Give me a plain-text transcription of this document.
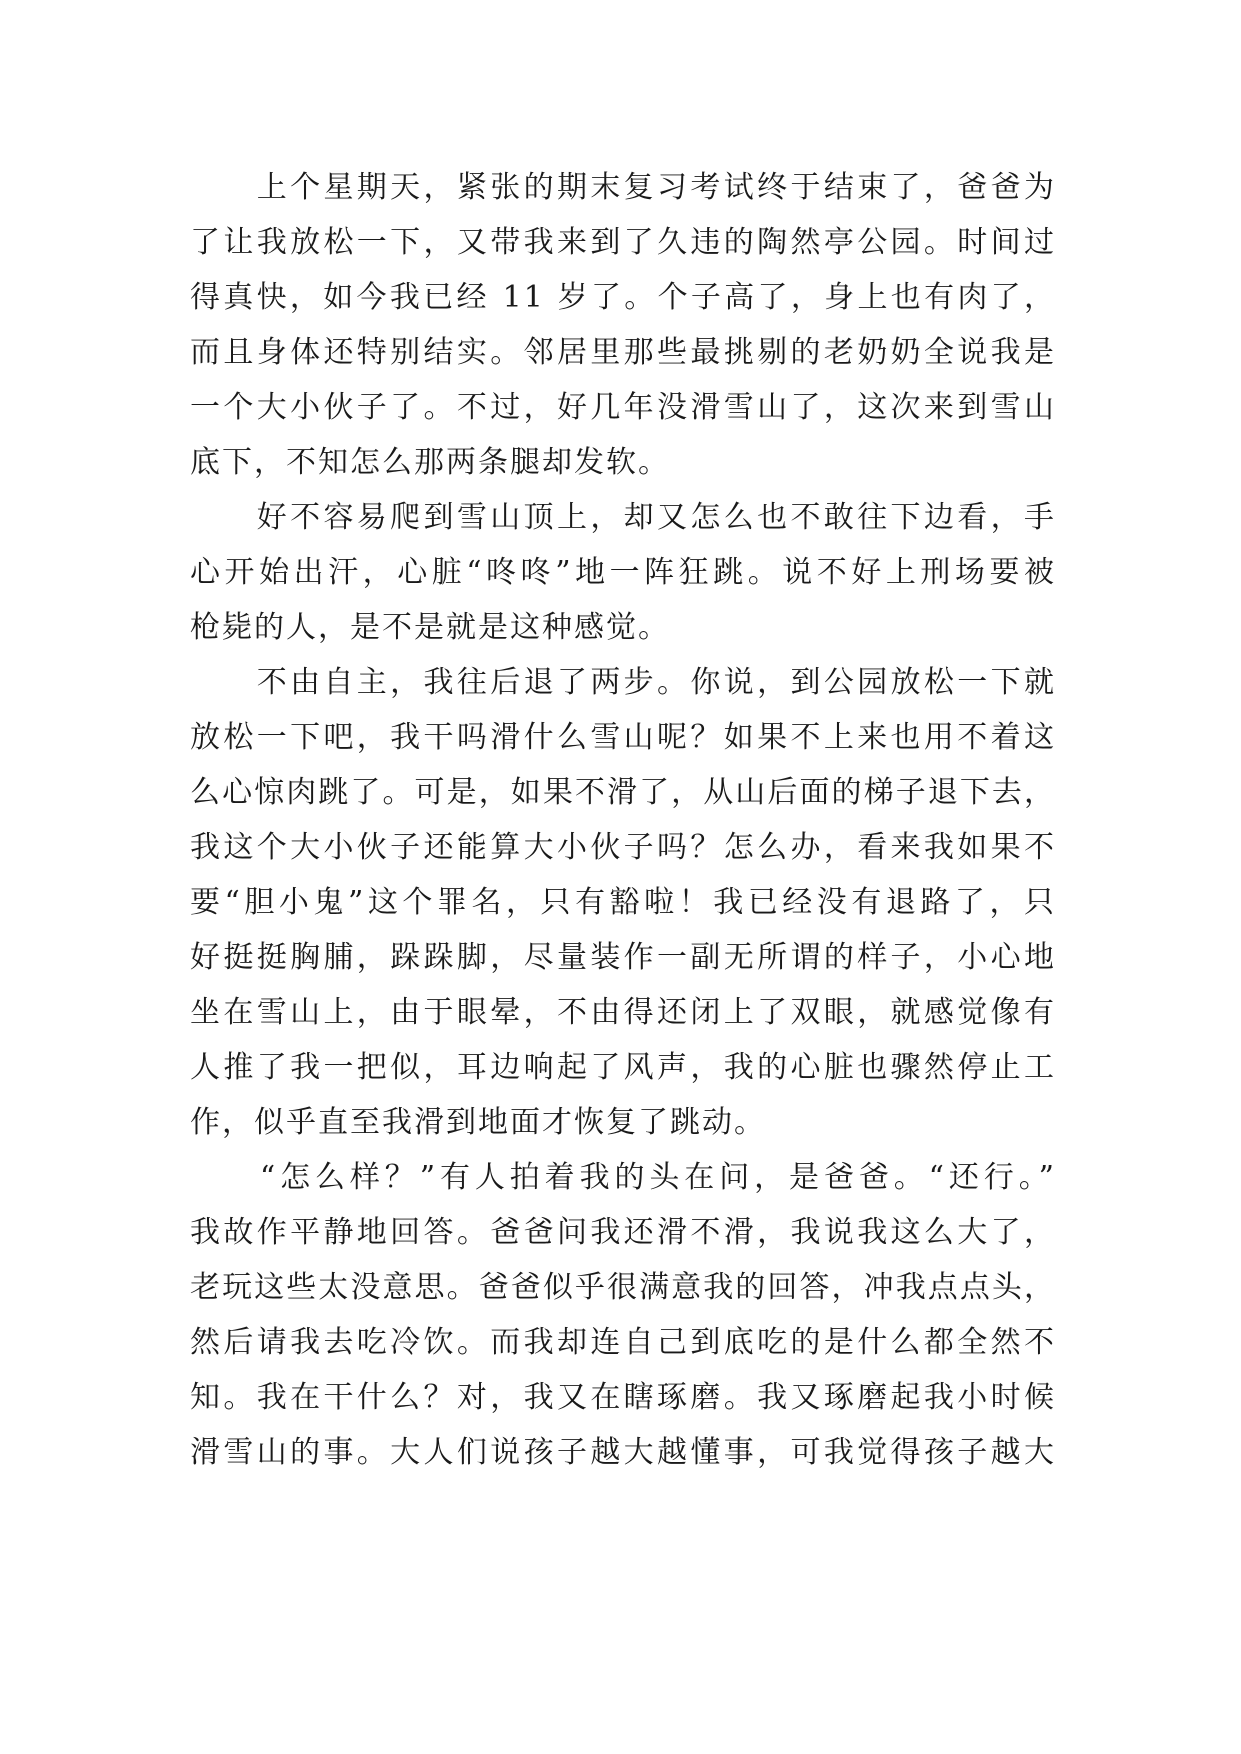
　　上个星期天，紧张的期末复习考试终于结束了，爸爸为
了让我放松一下，又带我来到了久违的陶然亭公园。时间过
得真快，如今我已经 11 岁了。个子高了，身上也有肉了，
而且身体还特别结实。邻居里那些最挑剔的老奶奶全说我是
一个大小伙子了。不过，好几年没滑雪山了，这次来到雪山
底下，不知怎么那两条腿却发软。
　　好不容易爬到雪山顶上，却又怎么也不敢往下边看，手
心开始出汗，心脏“咚咚”地一阵狂跳。说不好上刑场要被
枪毙的人，是不是就是这种感觉。
　　不由自主，我往后退了两步。你说，到公园放松一下就
放松一下吧，我干吗滑什么雪山呢？如果不上来也用不着这
么心惊肉跳了。可是，如果不滑了，从山后面的梯子退下去，
我这个大小伙子还能算大小伙子吗？怎么办，看来我如果不
要“胆小鬼”这个罪名，只有豁啦！我已经没有退路了，只
好挺挺胸脯，跺跺脚，尽量装作一副无所谓的样子，小心地
坐在雪山上，由于眼晕，不由得还闭上了双眼，就感觉像有
人推了我一把似，耳边响起了风声，我的心脏也骤然停止工
作，似乎直至我滑到地面才恢复了跳动。
　　“怎么样？”有人拍着我的头在问，是爸爸。“还行。”
我故作平静地回答。爸爸问我还滑不滑，我说我这么大了，
老玩这些太没意思。爸爸似乎很满意我的回答，冲我点点头，
然后请我去吃冷饮。而我却连自己到底吃的是什么都全然不
知。我在干什么？对，我又在瞎琢磨。我又琢磨起我小时候
滑雪山的事。大人们说孩子越大越懂事，可我觉得孩子越大
